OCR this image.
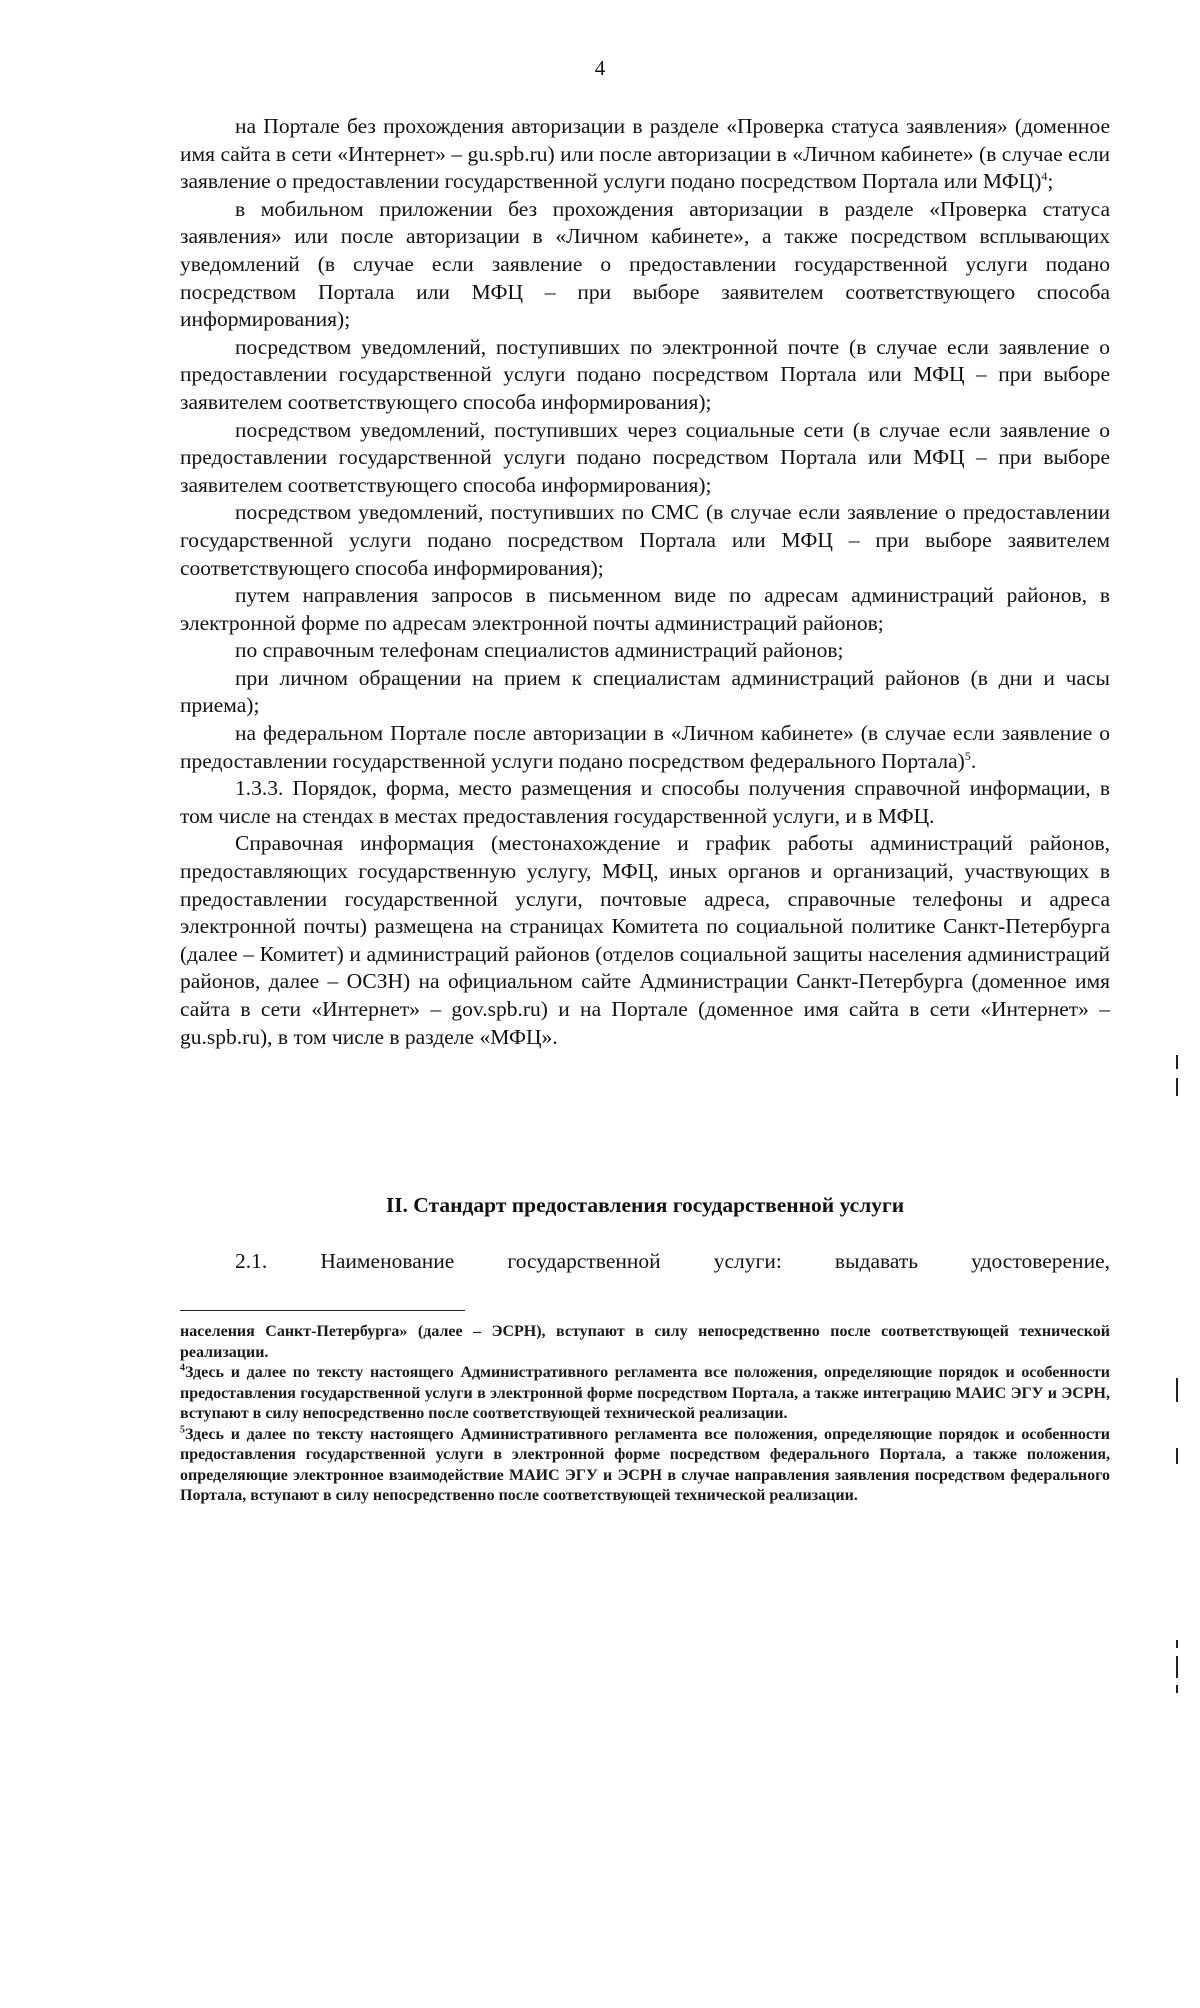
4

на Портале без прохождения авторизации в разделе «Проверка статуса заявления» (доменное имя сайта в сети «Интернет» – gu.spb.ru) или после авторизации в «Личном кабинете» (в случае если заявление о предоставлении государственной услуги подано посредством Портала или МФЦ)$^4$;

в мобильном приложении без прохождения авторизации в разделе «Проверка статуса заявления» или после авторизации в «Личном кабинете», а также посредством всплывающих уведомлений (в случае если заявление о предоставлении государственной услуги подано посредством Портала или МФЦ – при выборе заявителем соответствующего способа информирования);

посредством уведомлений, поступивших по электронной почте (в случае если заявление о предоставлении государственной услуги подано посредством Портала или МФЦ – при выборе заявителем соответствующего способа информирования);

посредством уведомлений, поступивших через социальные сети (в случае если заявление о предоставлении государственной услуги подано посредством Портала или МФЦ – при выборе заявителем соответствующего способа информирования);

посредством уведомлений, поступивших по СМС (в случае если заявление о предоставлении государственной услуги подано посредством Портала или МФЦ – при выборе заявителем соответствующего способа информирования);

путем направления запросов в письменном виде по адресам администраций районов, в электронной форме по адресам электронной почты администраций районов;

по справочным телефонам специалистов администраций районов;

при личном обращении на прием к специалистам администраций районов (в дни и часы приема);

на федеральном Портале после авторизации в «Личном кабинете» (в случае если заявление о предоставлении государственной услуги подано посредством федерального Портала)$^5$.

1.3.3. Порядок, форма, место размещения и способы получения справочной информации, в том числе на стендах в местах предоставления государственной услуги, и в МФЦ.

Справочная информация (местонахождение и график работы администраций районов, предоставляющих государственную услугу, МФЦ, иных органов и организаций, участвующих в предоставлении государственной услуги, почтовые адреса, справочные телефоны и адреса электронной почты) размещена на страницах Комитета по социальной политике Санкт-Петербурга (далее – Комитет) и администраций районов (отделов социальной защиты населения администраций районов, далее – ОСЗН) на официальном сайте Администрации Санкт-Петербурга (доменное имя сайта в сети «Интернет» – gov.spb.ru) и на Портале (доменное имя сайта в сети «Интернет» – gu.spb.ru), в том числе в разделе «МФЦ».

II. Стандарт предоставления государственной услуги
2.1. Наименование государственной услуги: выдавать удостоверение,

населения Санкт-Петербурга» (далее – ЭСРН), вступают в силу непосредственно после соответствующей технической реализации.

$^4$Здесь и далее по тексту настоящего Административного регламента все положения, определяющие порядок и особенности предоставления государственной услуги в электронной форме посредством Портала, а также интеграцию МАИС ЭГУ и ЭСРН, вступают в силу непосредственно после соответствующей технической реализации.

$^5$Здесь и далее по тексту настоящего Административного регламента все положения, определяющие порядок и особенности предоставления государственной услуги в электронной форме посредством федерального Портала, а также положения, определяющие электронное взаимодействие МАИС ЭГУ и ЭСРН в случае направления заявления посредством федерального Портала, вступают в силу непосредственно после соответствующей технической реализации.
